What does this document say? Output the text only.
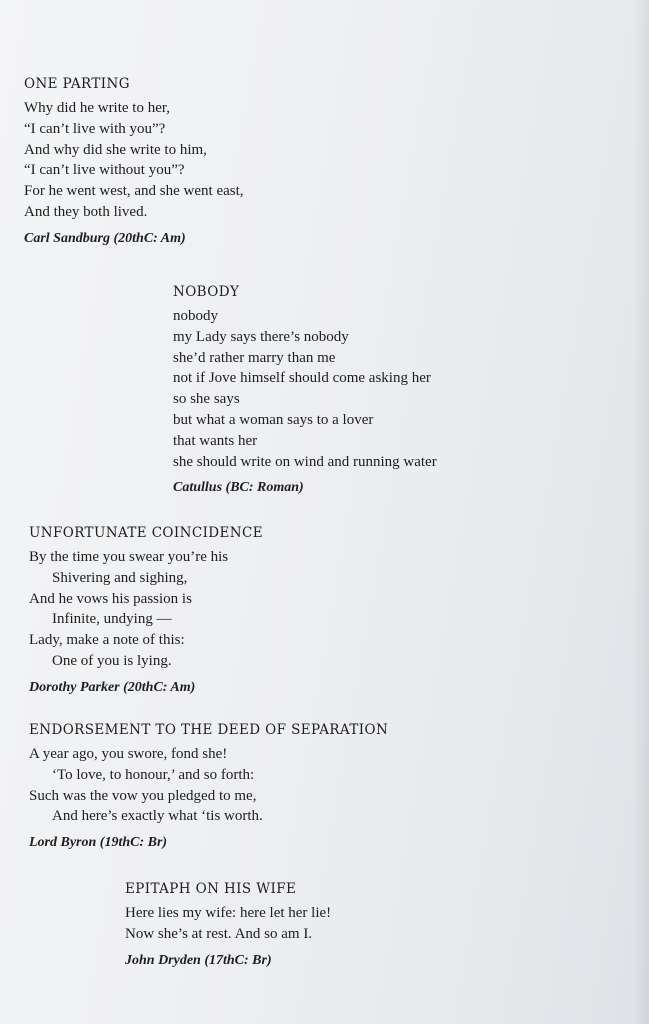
ONE PARTING
Why did he write to her,
“I can’t live with you”?
And why did she write to him,
“I can’t live without you”?
For he went west, and she went east,
And they both lived.
Carl Sandburg (20thC: Am)
NOBODY
nobody
my Lady says there’s nobody
she’d rather marry than me
not if Jove himself should come asking her
so she says
but what a woman says to a lover
that wants her
she should write on wind and running water
Catullus (BC: Roman)
UNFORTUNATE COINCIDENCE
By the time you swear you’re his
Shivering and sighing,
And he vows his passion is
Infinite, undying —
Lady, make a note of this:
One of you is lying.
Dorothy Parker (20thC: Am)
ENDORSEMENT TO THE DEED OF SEPARATION
A year ago, you swore, fond she!
‘To love, to honour,’ and so forth:
Such was the vow you pledged to me,
And here’s exactly what ‘tis worth.
Lord Byron (19thC: Br)
EPITAPH ON HIS WIFE
Here lies my wife: here let her lie!
Now she’s at rest. And so am I.
John Dryden (17thC: Br)
